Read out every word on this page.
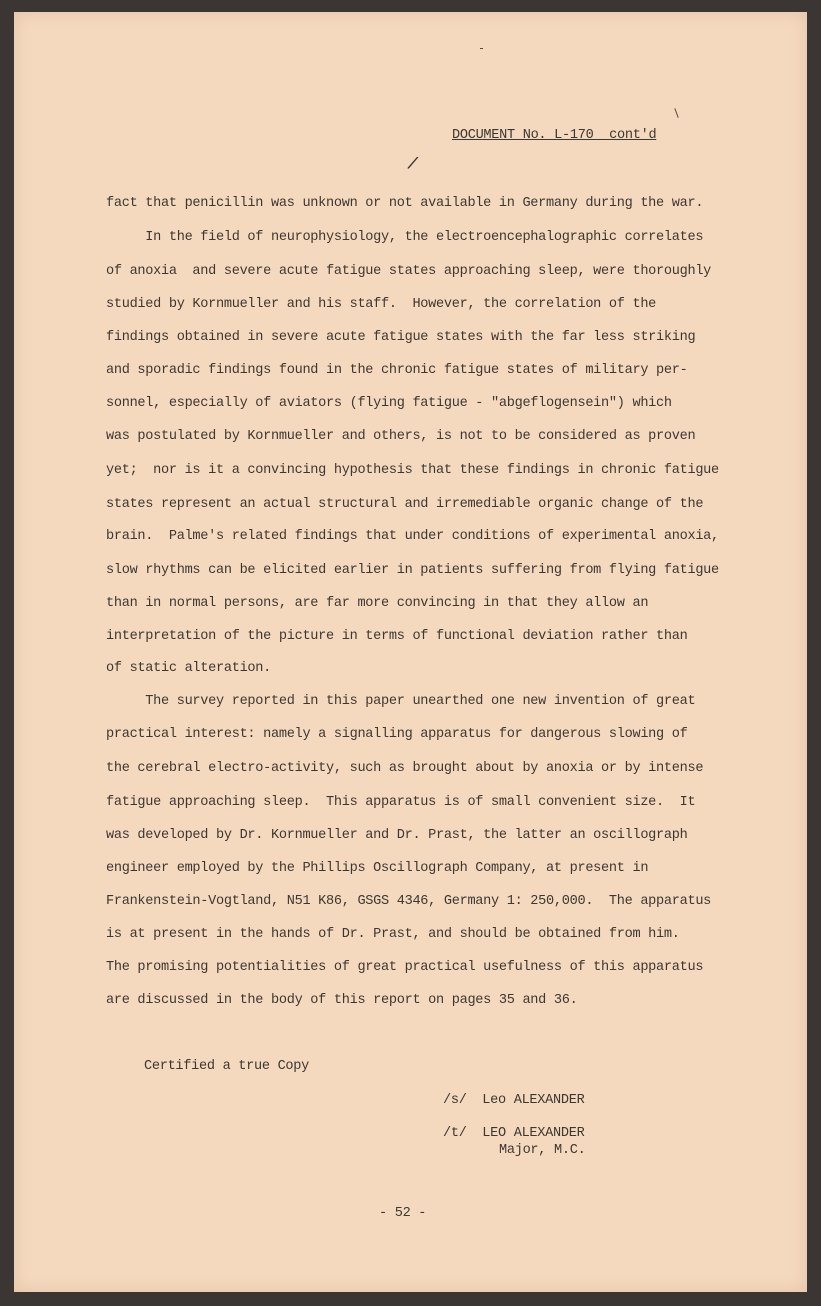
DOCUMENT No. L-170  cont'd
/
fact that penicillin was unknown or not available in Germany during the war.
In the field of neurophysiology, the electroencephalographic correlates
of anoxia  and severe acute fatigue states approaching sleep, were thoroughly
studied by Kornmueller and his staff.  However, the correlation of the
findings obtained in severe acute fatigue states with the far less striking
and sporadic findings found in the chronic fatigue states of military per-
sonnel, especially of aviators (flying fatigue - "abgeflogensein") which
was postulated by Kornmueller and others, is not to be considered as proven
yet;  nor is it a convincing hypothesis that these findings in chronic fatigue
states represent an actual structural and irremediable organic change of the
brain.  Palme's related findings that under conditions of experimental anoxia,
slow rhythms can be elicited earlier in patients suffering from flying fatigue
than in normal persons, are far more convincing in that they allow an
interpretation of the picture in terms of functional deviation rather than
of static alteration.
The survey reported in this paper unearthed one new invention of great
practical interest: namely a signalling apparatus for dangerous slowing of
the cerebral electro-activity, such as brought about by anoxia or by intense
fatigue approaching sleep.  This apparatus is of small convenient size.  It
was developed by Dr. Kornmueller and Dr. Prast, the latter an oscillograph
engineer employed by the Phillips Oscillograph Company, at present in
Frankenstein-Vogtland, N51 K86, GSGS 4346, Germany 1: 250,000.  The apparatus
is at present in the hands of Dr. Prast, and should be obtained from him.
The promising potentialities of great practical usefulness of this apparatus
are discussed in the body of this report on pages 35 and 36.
Certified a true Copy
/s/  Leo ALEXANDER
/t/  LEO ALEXANDER
Major, M.C.
- 52 -
